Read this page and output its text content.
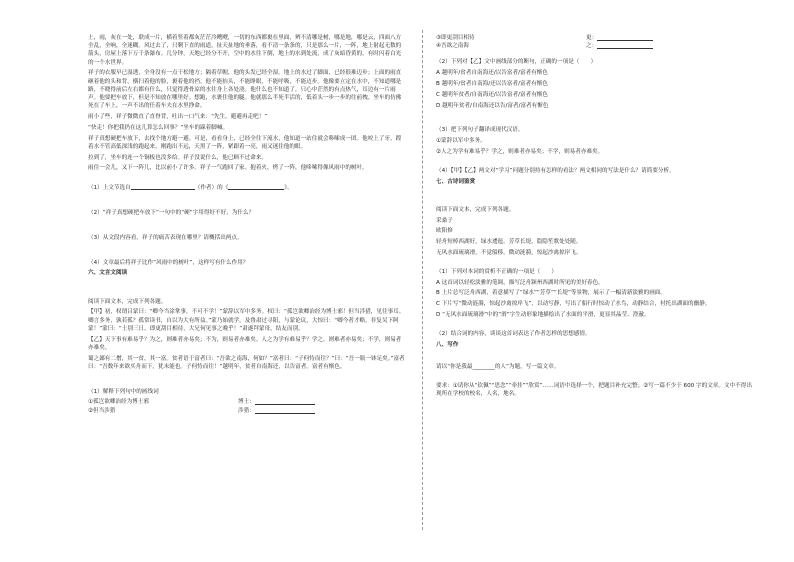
土，雨，灰在一处，联成一片，横着竖着都灰茫茫冷飕飕，一切的东西都裹在里面，辨不清哪是树，哪是地，哪是云，四面八方全乱，全响，全迷糊。风过去了，只剩下直的雨道，扯天扯地的垂落，看不清一条条的，只是那么一片，一阵，地上射起无数的箭头，房屋上落下万千条瀑布。几分钟，天地已经分不开，空中的水往下倒，地上的水到处流，成了灰暗昏黄的，有时闪着白光的一个水世界。

祥子的衣服早已湿透，全身没有一点干松地方；隔着草帽，他的头发已经全湿。地上的水过了脚面，已经很难迈步；上面的雨直砸着他的头和背，横扫着他的脸，裹着他的裆。他不能抬头，不能睁眼，不能呼吸，不能迈步。他像要立定在水中，不知道哪是路，不晓得前后左右都有什么，只觉得透骨凉的水往身上各处浇。他什么也不知道了，只心中茫然的有点热气，耳边有一片雨声。他要把车放下，但是不知放在哪里好。想跑，水裹住他的腿。他就那么半死半活的，低着头一步一步的往前拽。坐车的仿佛死在了车上，一声不出的任着车夫在水里挣命。

雨小了些，祥子微微直了直脊背，吐出一口气来：“先生，避避再走吧！”

“快走！你把我扔在这儿算怎么回事？”坐车的跺着脚喊。

祥子真想硬把车放下，去找个地方避一避。可是，看看身上，已经全往下流水，他知道一站住就会哆嗦成一团。他咬上了牙，蹚着水不管高低深浅的跑起来。刚跑出不远，天黑了一阵，紧跟着一亮，雨又迷住他的眼。

拉到了，坐车的连一个铜板也没多给。祥子没说什么，他已顾不过命来。

雨住一会儿，又下一阵儿，比以前小了许多。祥子一气跑回了家。抱着火，烤了一阵，他哆嗦得像风雨中的树叶。

（1）上文节选自	（作者）的《	》。

（2）“祥子真想硬把车放下”一句中的“硬”字用得好不好，为什么？

（3）从文段内容看，祥子的痛苦表现在哪里？请概括出两点。

（4）文章最后将祥子比作“风雨中的树叶”，这样写有什么作用？

六、文言文阅读

阅读下面文本，完成下列各题。

【甲】初，权谓吕蒙曰：“卿今当涂掌事，不可不学！”蒙辞以军中多务。权曰：“孤岂欲卿治经为博士邪！但当涉猎，见往事耳。卿言多务，孰若孤？孤常读书，自以为大有所益。”蒙乃始就学。及鲁肃过寻阳，与蒙论议，大惊曰：“卿今者才略，非复吴下阿蒙！”蒙曰：“士别三日，即更刮目相待，大兄何见事之晚乎！”肃遂拜蒙母，结友而别。

【乙】天下事有难易乎？为之，则难者亦易矣；不为，则易者亦难矣。人之为学有难易乎？学之，则难者亦易矣；不学，则易者亦难矣。

蜀之鄙有二僧，其一贫，其一富。贫者语于富者曰：“吾欲之南海，何如？”富者曰：“子何恃而往？”曰：“吾一瓶一钵足矣。”富者曰：“吾数年来欲买舟而下，犹未能也。子何恃而往！”越明年，贫者自南海还，以告富者。富者有惭色。

（1）解释下列句中的画线词

①孤岂欲卿治经为博士邪	博士：
②但当涉猎	涉猎：
③即更刮目相待	更：
④吾欲之南海	之：

（2）下列对【乙】文中画线部分的断句，正确的一项是（　　）

A 越明年/贫者自南海还/以告富者/富者有惭色

B 越明年/贫者自南海/还以告富者/富者有惭色

C 越明年贫者/自南海还/以告富者/富者有惭色

D 越明年贫者/自南海还以告/富者/富者有惭色

（3）把下列句子翻译成现代汉语。

①蒙辞以军中多务。

②人之为学有难易乎？学之，则难者亦易矣；不学，则易者亦难矣。

（4）【甲】【乙】两文对“学习”问题分别持有怎样的看法？两文相同的写法是什么？请简要分析。

七、古诗词鉴赏

阅读下面文本，完成下列各题。

采桑子

欧阳修

轻舟短棹西湖好，绿水逶迤。芳草长堤，隐隐笙歌处处随。

无风水面琉璃滑，不觉船移。微动涟漪，惊起沙禽掠岸飞。

（1）下列对本词的赏析不正确的一项是（　　）

A 这首词以轻松淡雅的笔调，描写泛舟颍州西湖时所见的美好春色。

B 上片总写泛舟西湖，着意描写了“绿水”“芳草”“长堤”等景物，展示了一幅清新淡雅的画面。

C 下片写“微动涟漪，惊起沙禽掠岸飞”，以动写静，写出了船行时惊动了水鸟，动静结合，衬托出湖面的幽静。

D “无风水面琉璃滑”中的“滑”字生动形象地描绘出了水面的平滑，更显其晶莹、澄澈。

（2）结合词的内容，谈谈这首词表达了作者怎样的思想感情。

八、写作

请以“你是我最________的人”为题，写一篇文章。

要求：①请你从“钦佩”“思念”“牵挂”“欣赏”……词语中选择一个，把题目补充完整；②写一篇不少于 600 字的文章。文中不得出现所在学校的校名，人名，地名。
